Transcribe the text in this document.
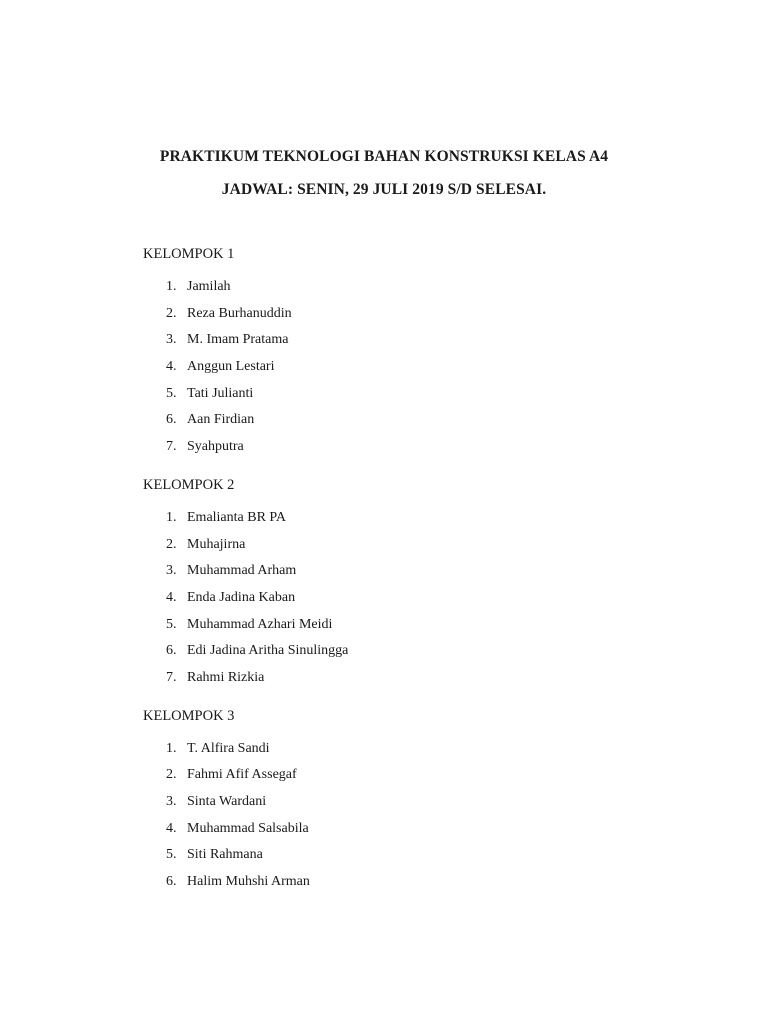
PRAKTIKUM TEKNOLOGI BAHAN KONSTRUKSI KELAS A4
JADWAL: SENIN, 29 JULI 2019 S/D SELESAI.
KELOMPOK 1
1. Jamilah
2. Reza Burhanuddin
3. M. Imam Pratama
4. Anggun Lestari
5. Tati Julianti
6. Aan Firdian
7. Syahputra
KELOMPOK 2
1. Emalianta BR PA
2. Muhajirna
3. Muhammad Arham
4. Enda Jadina Kaban
5. Muhammad Azhari Meidi
6. Edi Jadina Aritha Sinulingga
7. Rahmi Rizkia
KELOMPOK 3
1. T. Alfira Sandi
2. Fahmi Afif Assegaf
3. Sinta Wardani
4. Muhammad Salsabila
5. Siti Rahmana
6. Halim Muhshi Arman
